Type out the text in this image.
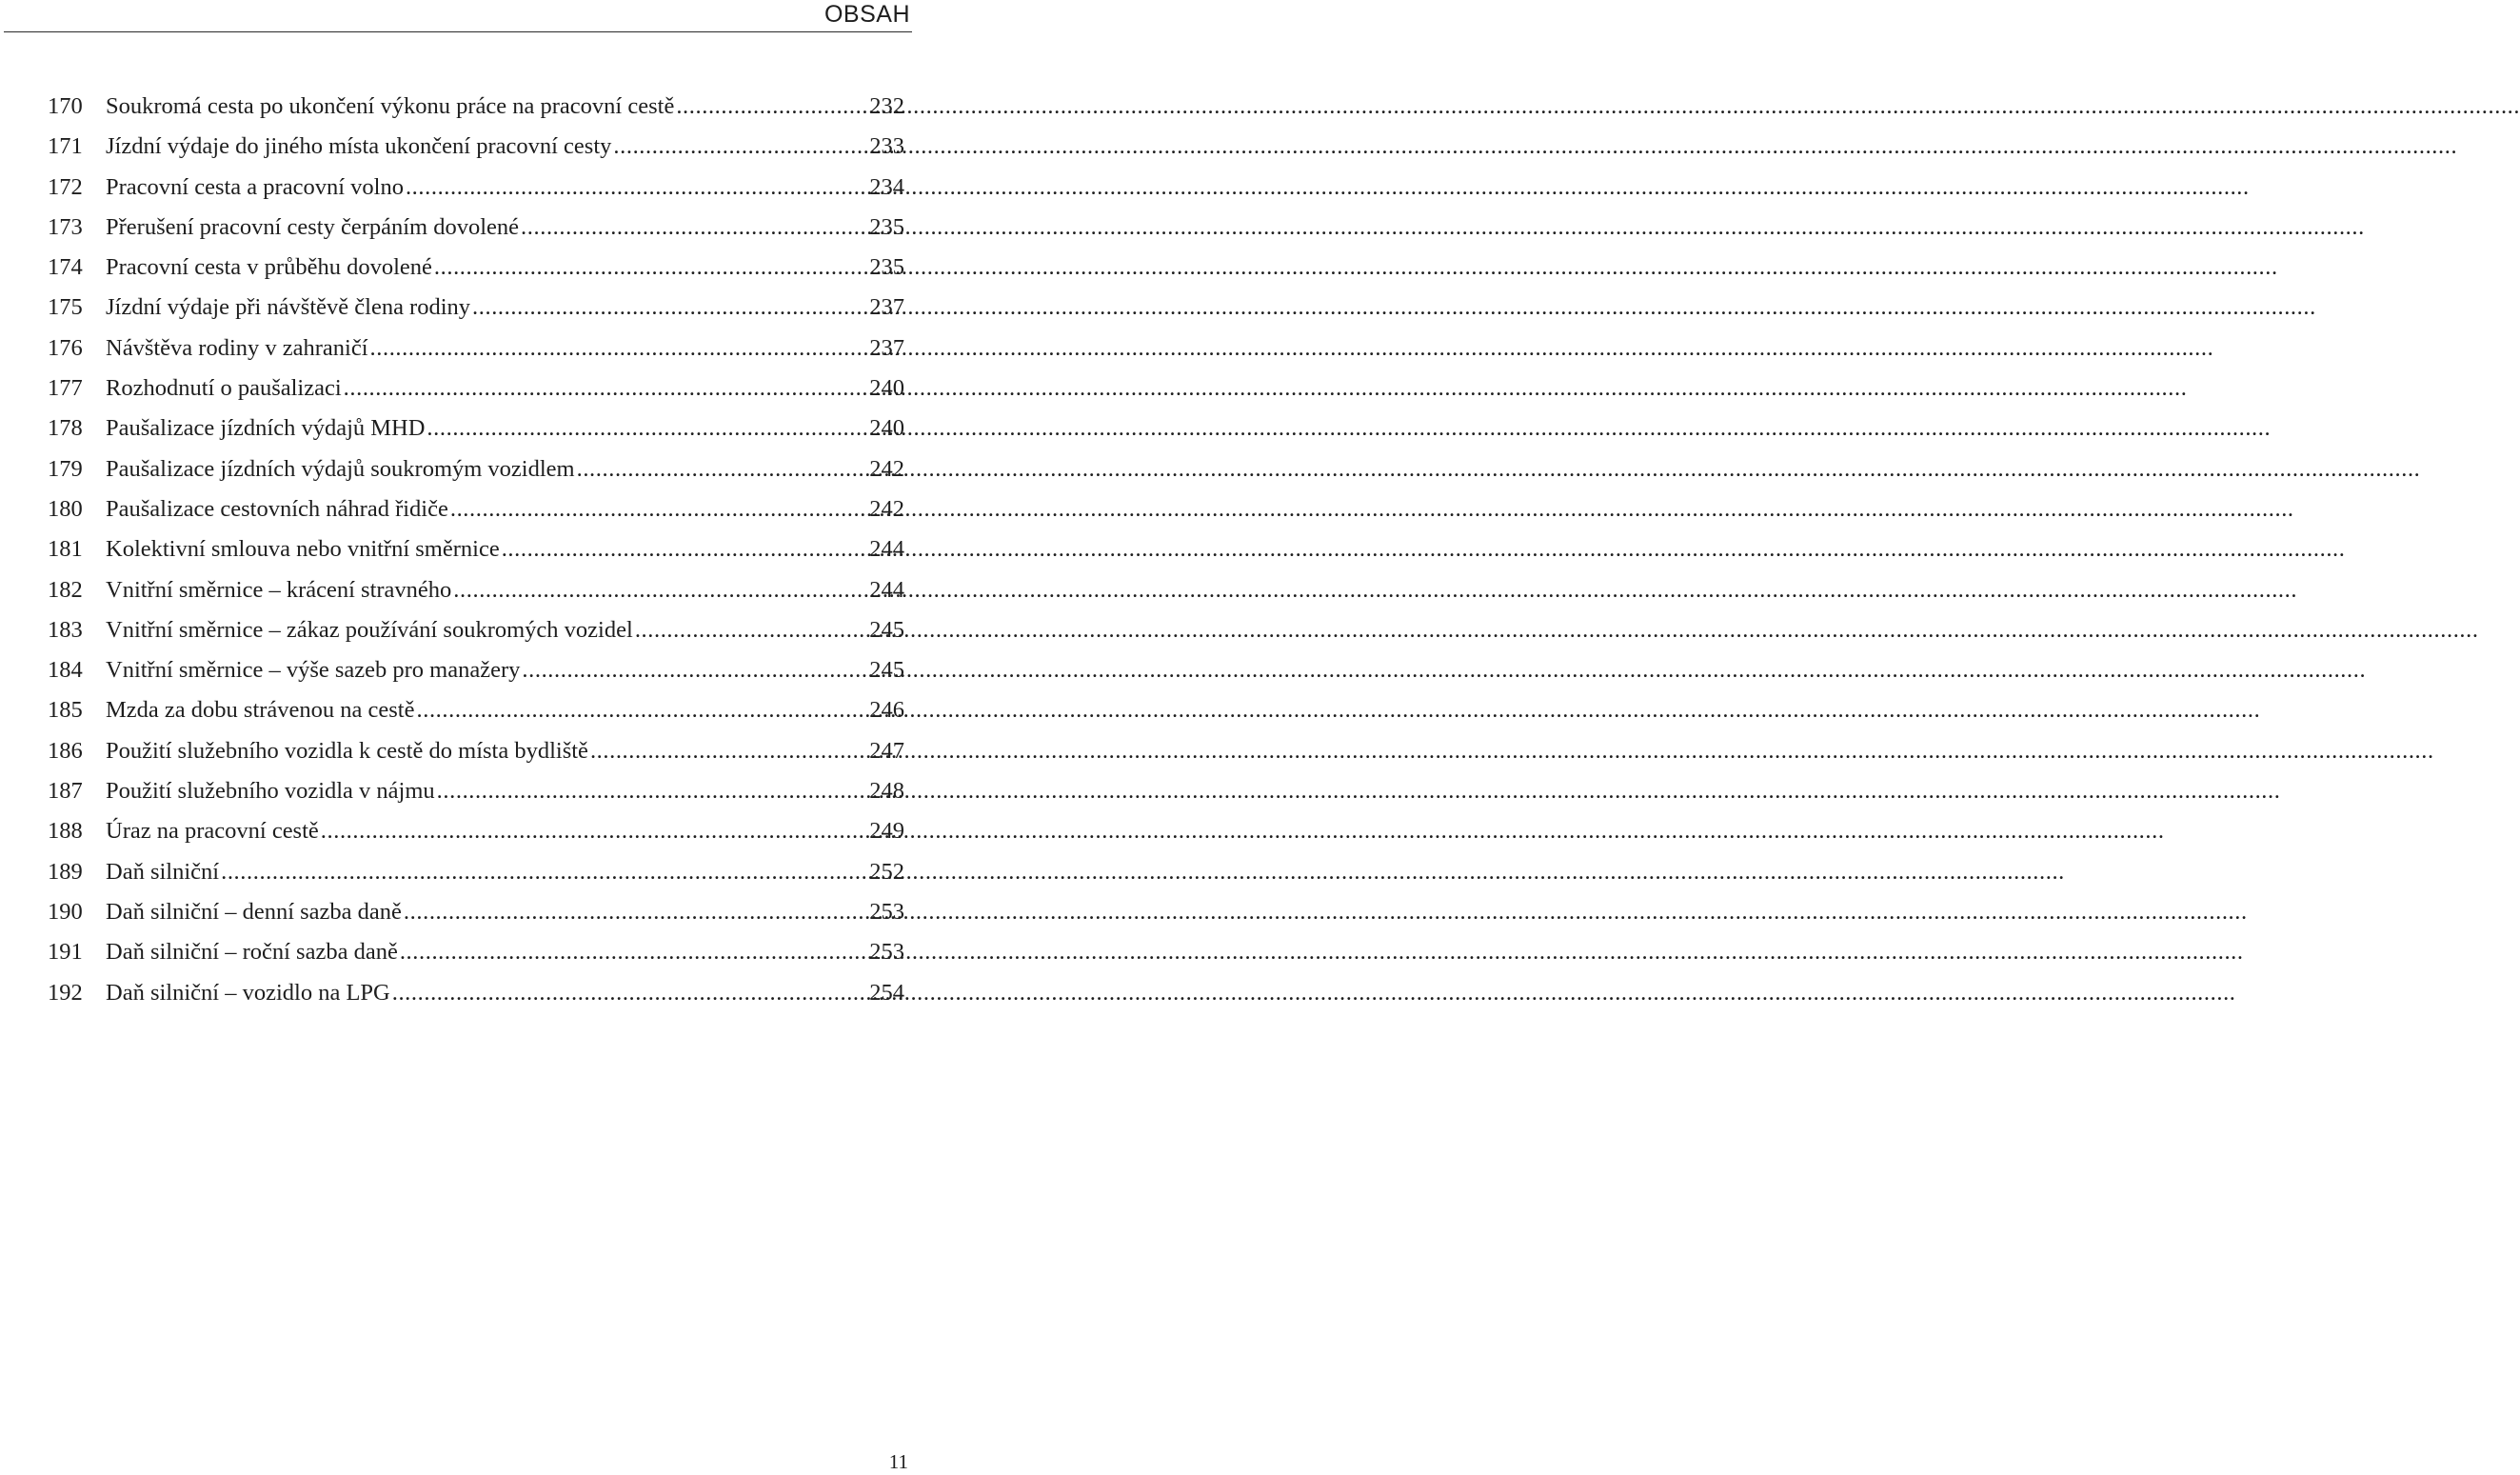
OBSAH
170 Soukromá cesta po ukončení výkonu práce na pracovní cestě .....	232
171 Jízdní výdaje do jiného místa ukončení pracovní cesty .....	233
172 Pracovní cesta a pracovní volno .....	234
173 Přerušení pracovní cesty čerpáním dovolené .....	235
174 Pracovní cesta v průběhu dovolené .....	235
175 Jízdní výdaje při návštěvě člena rodiny .....	237
176 Návštěva rodiny v zahraničí .....	237
177 Rozhodnutí o paušalizaci .....	240
178 Paušalizace jízdních výdajů MHD .....	240
179 Paušalizace jízdních výdajů soukromým vozidlem .....	242
180 Paušalizace cestovních náhrad řidiče .....	242
181 Kolektivní smlouva nebo vnitřní směrnice .....	244
182 Vnitřní směrnice – krácení stravného .....	244
183 Vnitřní směrnice – zákaz používání soukromých vozidel .....	245
184 Vnitřní směrnice – výše sazeb pro manažery .....	245
185 Mzda za dobu strávenou na cestě .....	246
186 Použití služebního vozidla k cestě do místa bydliště .....	247
187 Použití služebního vozidla v nájmu .....	248
188 Úraz na pracovní cestě .....	249
189 Daň silniční .....	252
190 Daň silniční – denní sazba daně .....	253
191 Daň silniční – roční sazba daně .....	253
192 Daň silniční – vozidlo na LPG .....	254
11
